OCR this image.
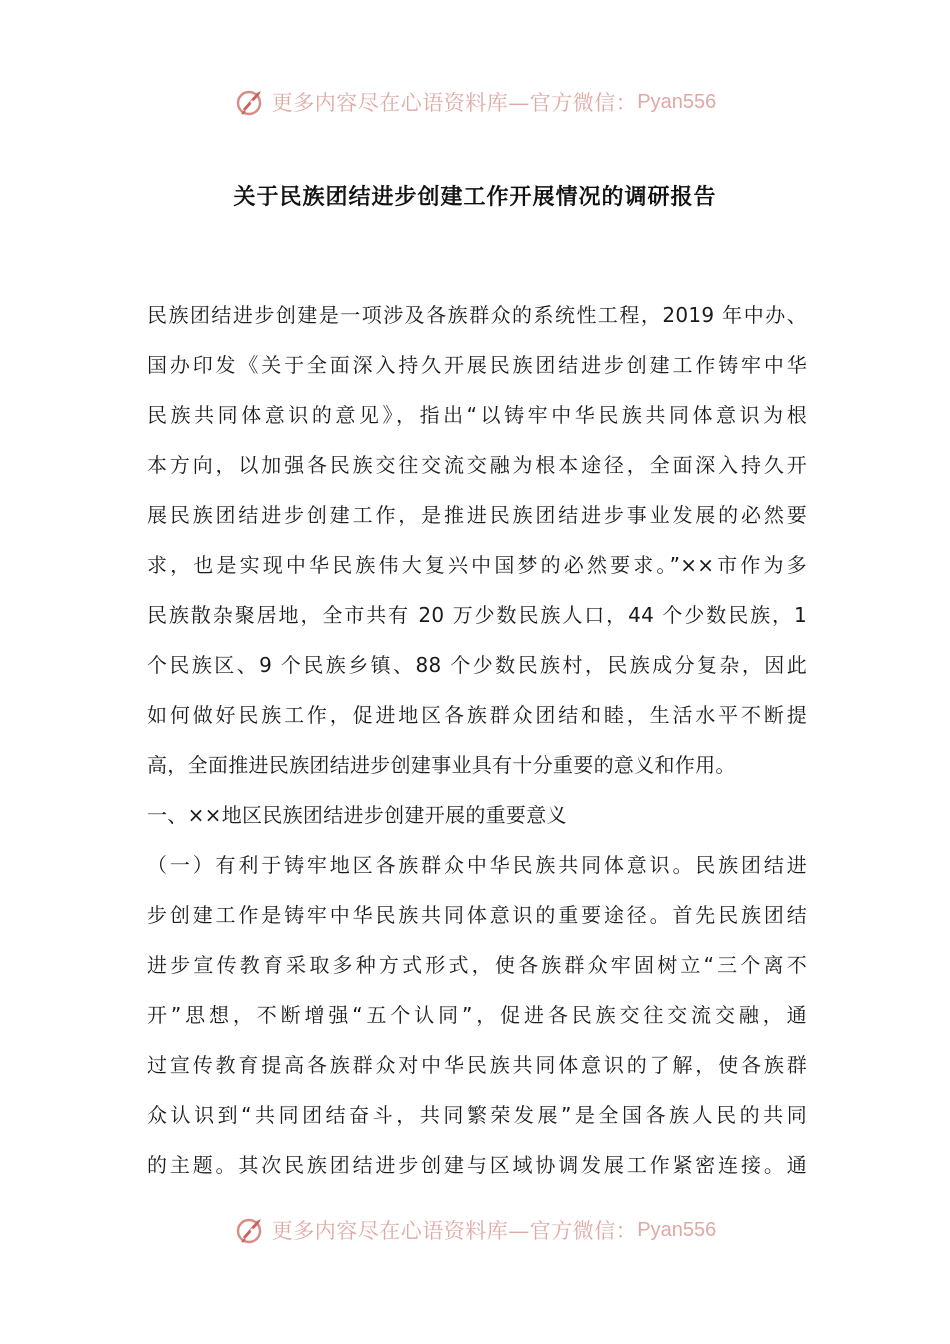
更多内容尽在心语资料库—官方微信： Pyan556
关于民族团结进步创建工作开展情况的调研报告
民族团结进步创建是一项涉及各族群众的系统性工程，2019 年中办、
国办印发《关于全面深入持久开展民族团结进步创建工作铸牢中华
民族共同体意识的意见》，指出“以铸牢中华民族共同体意识为根
本方向，以加强各民族交往交流交融为根本途径，全面深入持久开
展民族团结进步创建工作，是推进民族团结进步事业发展的必然要
求，也是实现中华民族伟大复兴中国梦的必然要求。”××市作为多
民族散杂聚居地，全市共有 20 万少数民族人口，44 个少数民族，1
个民族区、9 个民族乡镇、88 个少数民族村，民族成分复杂，因此
如何做好民族工作，促进地区各族群众团结和睦，生活水平不断提
高，全面推进民族团结进步创建事业具有十分重要的意义和作用。
一、××地区民族团结进步创建开展的重要意义
（一）有利于铸牢地区各族群众中华民族共同体意识。民族团结进
步创建工作是铸牢中华民族共同体意识的重要途径。首先民族团结
进步宣传教育采取多种方式形式，使各族群众牢固树立“三个离不
开”思想，不断增强“五个认同”，促进各民族交往交流交融，通
过宣传教育提高各族群众对中华民族共同体意识的了解，使各族群
众认识到“共同团结奋斗，共同繁荣发展”是全国各族人民的共同
的主题。其次民族团结进步创建与区域协调发展工作紧密连接。通
更多内容尽在心语资料库—官方微信： Pyan556
